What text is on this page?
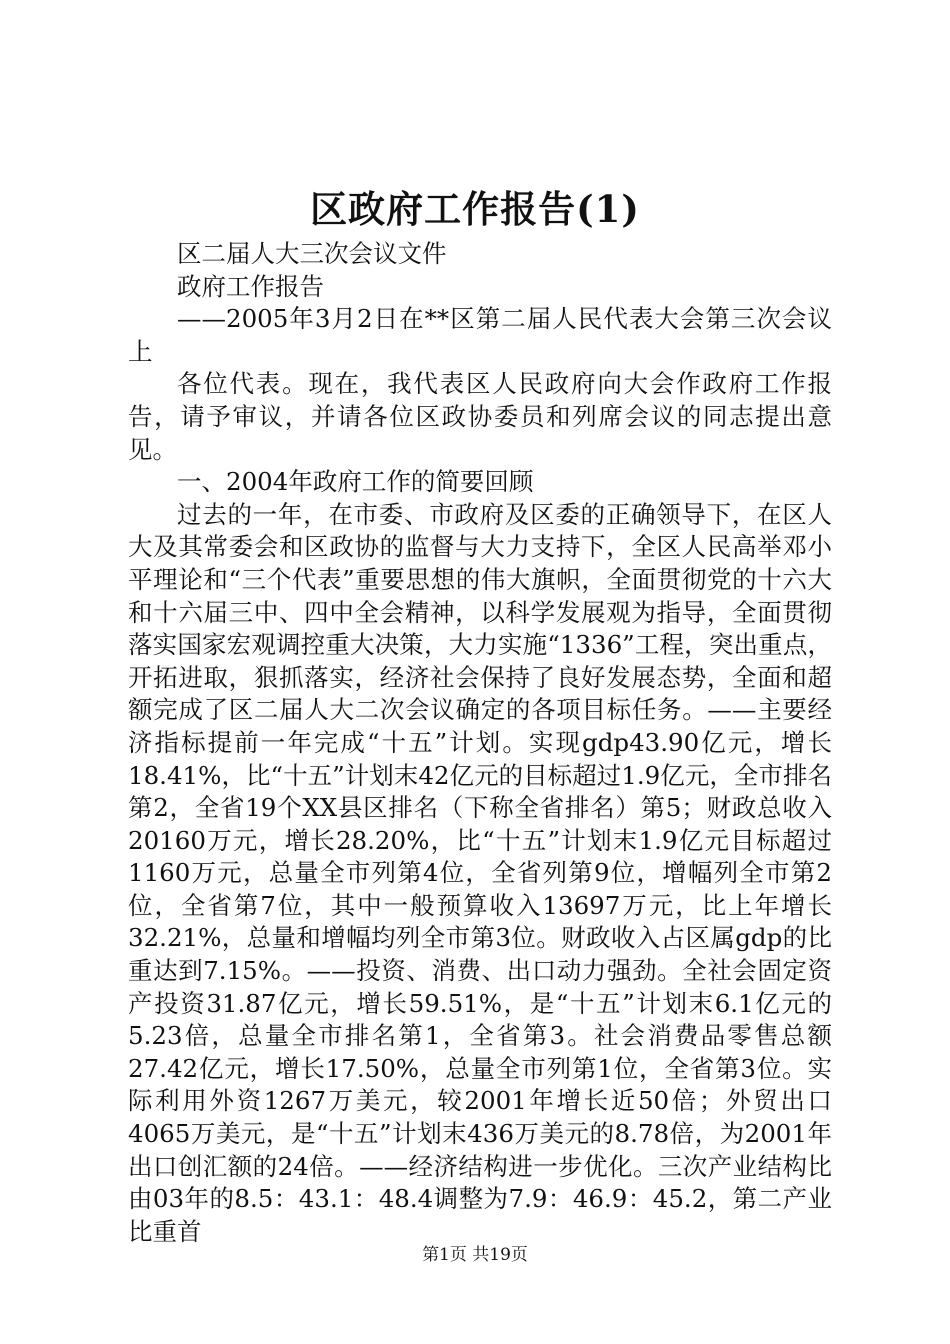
区政府工作报告(1)

区二届人大三次会议文件

政府工作报告

——2005年3月2日在**区第二届人民代表大会第三次会议上

各位代表。现在，我代表区人民政府向大会作政府工作报告，请予审议，并请各位区政协委员和列席会议的同志提出意见。

一、2004年政府工作的简要回顾

过去的一年，在市委、市政府及区委的正确领导下，在区人大及其常委会和区政协的监督与大力支持下，全区人民高举邓小平理论和“三个代表”重要思想的伟大旗帜，全面贯彻党的十六大和十六届三中、四中全会精神，以科学发展观为指导，全面贯彻落实国家宏观调控重大决策，大力实施“1336”工程，突出重点，开拓进取，狠抓落实，经济社会保持了良好发展态势，全面和超额完成了区二届人大二次会议确定的各项目标任务。——主要经济指标提前一年完成“十五”计划。实现gdp43.90亿元，增长18.41%，比“十五”计划末42亿元的目标超过1.9亿元，全市排名第2，全省19个XX县区排名（下称全省排名）第5；财政总收入20160万元，增长28.20%，比“十五”计划末1.9亿元目标超过1160万元，总量全市列第4位，全省列第9位，增幅列全市第2位，全省第7位，其中一般预算收入13697万元，比上年增长32.21%，总量和增幅均列全市第3位。财政收入占区属gdp的比重达到7.15%。——投资、消费、出口动力强劲。全社会固定资产投资31.87亿元，增长59.51%，是“十五”计划末6.1亿元的5.23倍，总量全市排名第1，全省第3。社会消费品零售总额27.42亿元，增长17.50%，总量全市列第1位，全省第3位。实际利用外资1267万美元，较2001年增长近50倍；外贸出口4065万美元，是“十五”计划末436万美元的8.78倍，为2001年出口创汇额的24倍。——经济结构进一步优化。三次产业结构比由03年的8.5：43.1：48.4调整为7.9：46.9：45.2，第二产业比重首

第1页 共19页
